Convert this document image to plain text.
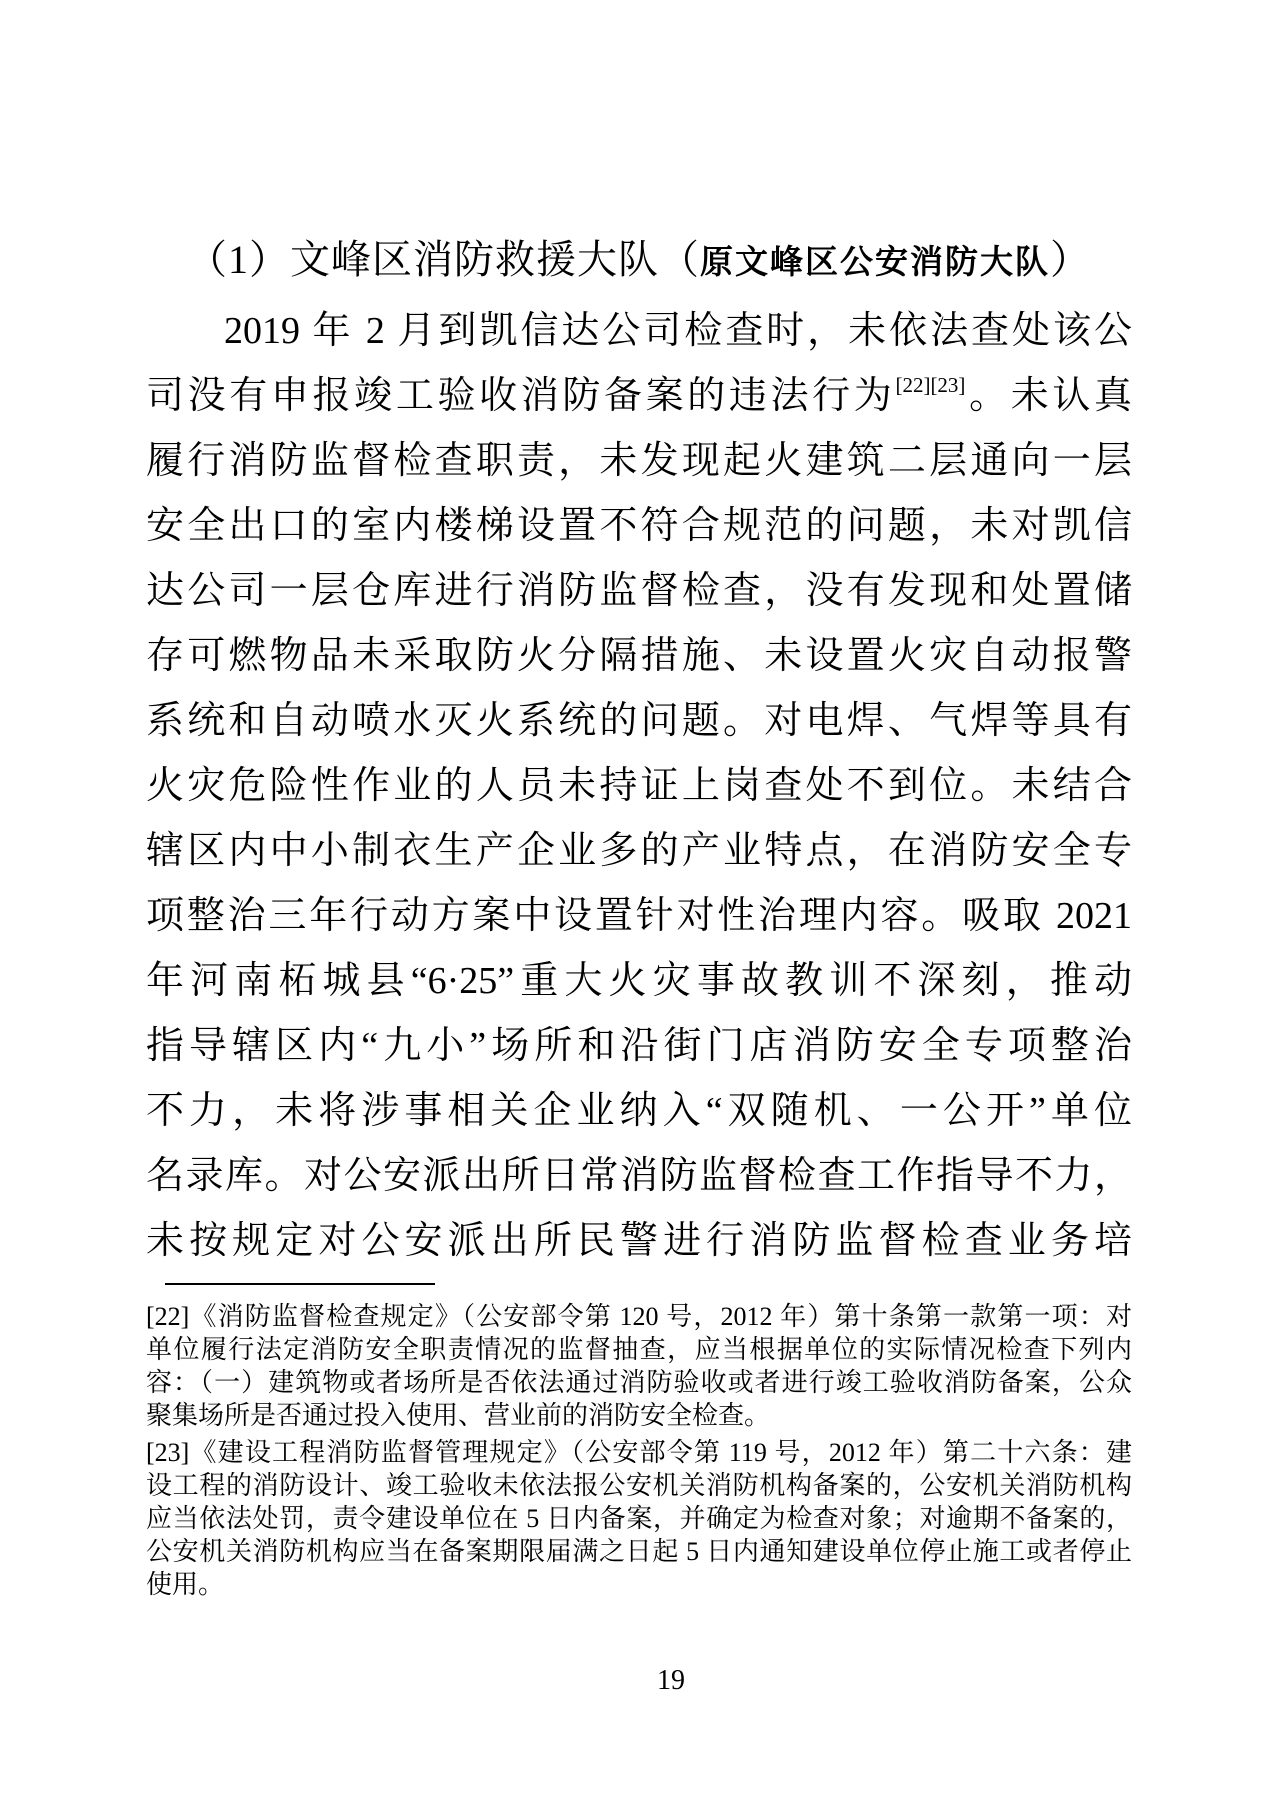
（1）文峰区消防救援大队（原文峰区公安消防大队）
2019 年 2 月到凯信达公司检查时，未依法查处该公
司没有申报竣工验收消防备案的违法行为[22][23]。未认真
履行消防监督检查职责，未发现起火建筑二层通向一层
安全出口的室内楼梯设置不符合规范的问题，未对凯信
达公司一层仓库进行消防监督检查，没有发现和处置储
存可燃物品未采取防火分隔措施、未设置火灾自动报警
系统和自动喷水灭火系统的问题。对电焊、气焊等具有
火灾危险性作业的人员未持证上岗查处不到位。未结合
辖区内中小制衣生产企业多的产业特点，在消防安全专
项整治三年行动方案中设置针对性治理内容。吸取 2021
年河南柘城县“6·25”重大火灾事故教训不深刻，推动
指导辖区内“九小”场所和沿街门店消防安全专项整治
不力，未将涉事相关企业纳入“双随机、一公开”单位
名录库。对公安派出所日常消防监督检查工作指导不力，
未按规定对公安派出所民警进行消防监督检查业务培
[22]《消防监督检查规定》（公安部令第 120 号，2012 年）第十条第一款第一项：对
单位履行法定消防安全职责情况的监督抽查，应当根据单位的实际情况检查下列内
容：（一）建筑物或者场所是否依法通过消防验收或者进行竣工验收消防备案，公众
聚集场所是否通过投入使用、营业前的消防安全检查。
[23]《建设工程消防监督管理规定》（公安部令第 119 号，2012 年）第二十六条：建
设工程的消防设计、竣工验收未依法报公安机关消防机构备案的，公安机关消防机构
应当依法处罚，责令建设单位在 5 日内备案，并确定为检查对象；对逾期不备案的，
公安机关消防机构应当在备案期限届满之日起 5 日内通知建设单位停止施工或者停止
使用。
19
